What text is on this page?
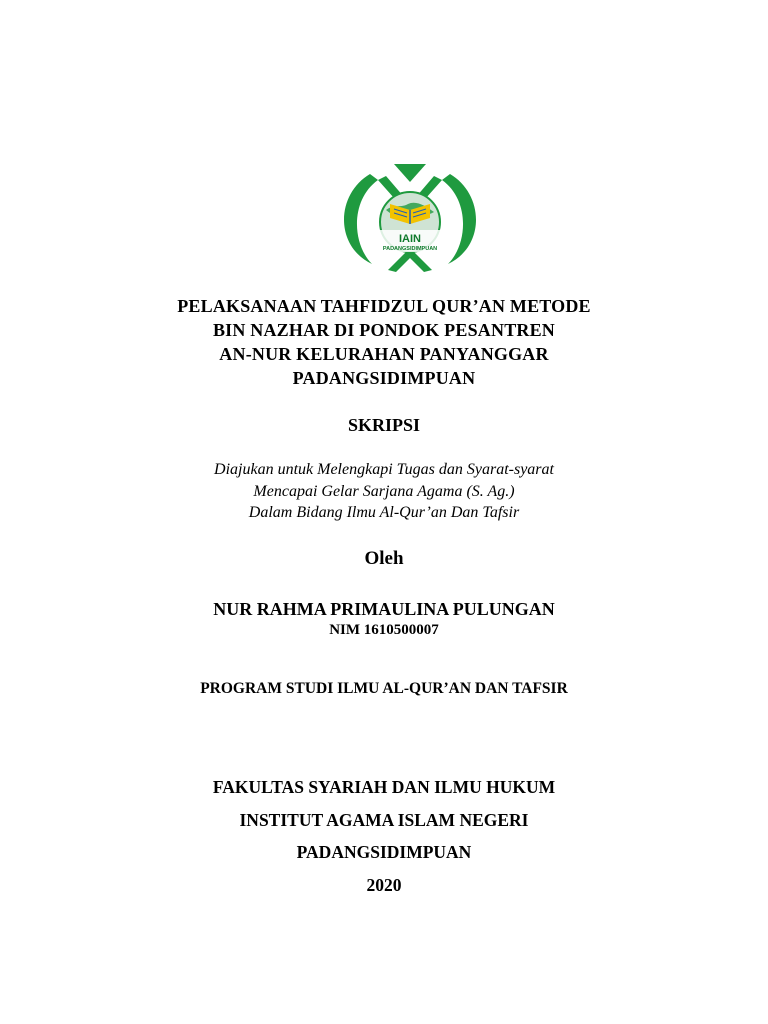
IAIN
PADANGSIDIMPUAN
PELAKSANAAN TAHFIDZUL QUR’AN METODE
BIN NAZHAR DI PONDOK PESANTREN
AN-NUR KELURAHAN PANYANGGAR
PADANGSIDIMPUAN
SKRIPSI
Diajukan untuk Melengkapi Tugas dan Syarat-syarat
Mencapai Gelar Sarjana Agama (S. Ag.)
Dalam Bidang Ilmu Al-Qur’an Dan Tafsir
Oleh
NUR RAHMA PRIMAULINA PULUNGAN
NIM 1610500007
PROGRAM STUDI ILMU AL-QUR’AN DAN TAFSIR
FAKULTAS SYARIAH DAN ILMU HUKUM
INSTITUT AGAMA ISLAM NEGERI
PADANGSIDIMPUAN
2020
